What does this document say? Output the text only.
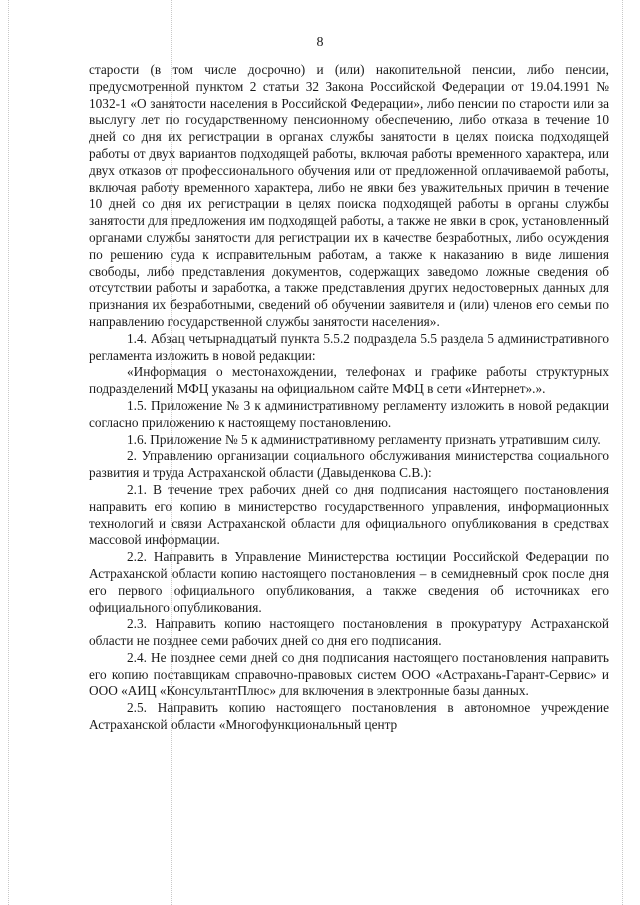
8

старости (в том числе досрочно) и (или) накопительной пенсии, либо пенсии, предусмотренной пунктом 2 статьи 32 Закона Российской Федерации от 19.04.1991 № 1032-1 «О занятости населения в Российской Федерации», либо пенсии по старости или за выслугу лет по государственному пенсионному обеспечению, либо отказа в течение 10 дней со дня их регистрации в органах службы занятости в целях поиска подходящей работы от двух вариантов подходящей работы, включая работы временного характера, или двух отказов от профессионального обучения или от предложенной оплачиваемой работы, включая работу временного характера, либо не явки без уважительных причин в течение 10 дней со дня их регистрации в целях поиска подходящей работы в органы службы занятости для предложения им подходящей работы, а также не явки в срок, установленный органами службы занятости для регистрации их в качестве безработных, либо осуждения по решению суда к исправительным работам, а также к наказанию в виде лишения свободы, либо представления документов, содержащих заведомо ложные сведения об отсутствии работы и заработка, а также представления других недостоверных данных для признания их безработными, сведений об обучении заявителя и (или) членов его семьи по направлению государственной службы занятости населения».

1.4. Абзац четырнадцатый пункта 5.5.2 подраздела 5.5 раздела 5 административного регламента изложить в новой редакции:

«Информация о местонахождении, телефонах и графике работы структурных подразделений МФЦ указаны на официальном сайте МФЦ в сети «Интернет».».

1.5. Приложение № 3 к административному регламенту изложить в новой редакции согласно приложению к настоящему постановлению.

1.6. Приложение № 5 к административному регламенту признать утратившим силу.

2. Управлению организации социального обслуживания министерства социального развития и труда Астраханской области (Давыденкова С.В.):

2.1. В течение трех рабочих дней со дня подписания настоящего постановления направить его копию в министерство государственного управления, информационных технологий и связи Астраханской области для официального опубликования в средствах массовой информации.

2.2. Направить в Управление Министерства юстиции Российской Федерации по Астраханской области копию настоящего постановления – в семидневный срок после дня его первого официального опубликования, а также сведения об источниках его официального опубликования.

2.3. Направить копию настоящего постановления в прокуратуру Астраханской области не позднее семи рабочих дней со дня его подписания.

2.4. Не позднее семи дней со дня подписания настоящего постановления направить его копию поставщикам справочно-правовых систем ООО «Астрахань-Гарант-Сервис» и ООО «АИЦ «КонсультантПлюс» для включения в электронные базы данных.

2.5. Направить копию настоящего постановления в автономное учреждение Астраханской области «Многофункциональный центр
